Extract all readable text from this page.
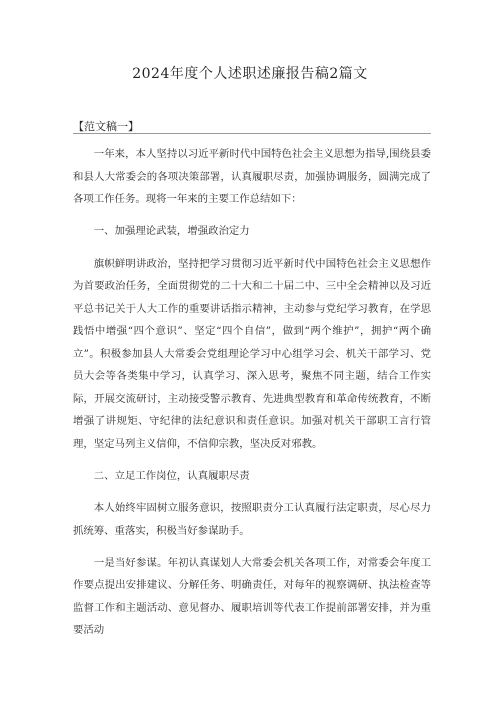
2024年度个人述职述廉报告稿2篇文
【范文稿一】

一年来，本人坚持以习近平新时代中国特色社会主义思想为指导,围绕县委和县人大常委会的各项决策部署，认真履职尽责，加强协调服务，圆满完成了各项工作任务。现将一年来的主要工作总结如下：

一、加强理论武装，增强政治定力

旗帜鲜明讲政治，坚持把学习贯彻习近平新时代中国特色社会主义思想作为首要政治任务，全面贯彻党的二十大和二十届二中、三中全会精神以及习近平总书记关于人大工作的重要讲话指示精神，主动参与党纪学习教育，在学思践悟中增强“四个意识”、坚定“四个自信”，做到“两个维护”，拥护“两个确立”。积极参加县人大常委会党组理论学习中心组学习会、机关干部学习、党员大会等各类集中学习，认真学习、深入思考，聚焦不同主题，结合工作实际，开展交流研讨，主动接受警示教育、先进典型教育和革命传统教育，不断增强了讲规矩、守纪律的法纪意识和责任意识。加强对机关干部职工言行管理，坚定马列主义信仰，不信仰宗教，坚决反对邪教。

二、立足工作岗位，认真履职尽责

本人始终牢固树立服务意识，按照职责分工认真履行法定职责，尽心尽力抓统筹、重落实，积极当好参谋助手。

一是当好参谋。年初认真谋划人大常委会机关各项工作，对常委会年度工作要点提出安排建议、分解任务、明确责任，对每年的视察调研、执法检查等监督工作和主题活动、意见督办、履职培训等代表工作提前部署安排，并为重要活动
